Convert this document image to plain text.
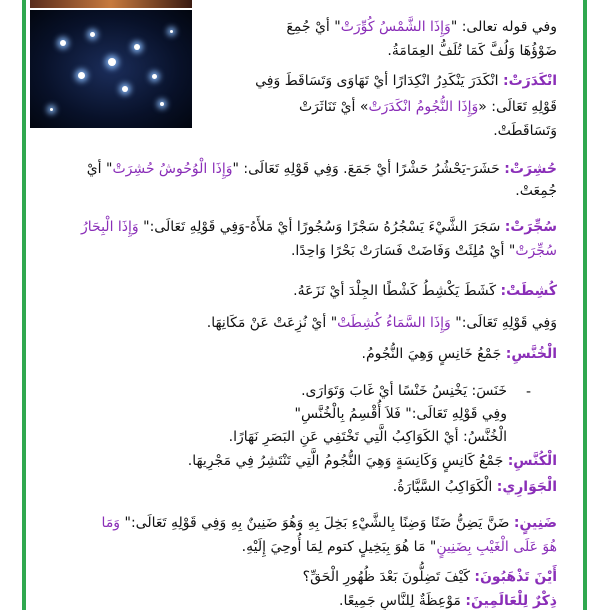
-
وفي قوله تعالى: "وَإِذَا الشَّمْسُ كُوِّرَتْ" أيْ جُمِعَ
ضَوْؤُهَا وَلُفَّ كَمَا تُلَفُّ العِمَامَةُ.
انْكَدَرَتْ: انْكَدَرَ يَنْكَدِرُ انْكِدَارًا أيْ تَهَاوَى وَتَسَاقَطَ وَفِي
قَوْلِهِ تَعَالَى: «وَإِذَا النُّجُومُ انْكَدَرَتْ» أيْ تَنَاثَرَتْ
وَتَسَاقَطَتْ.
حُشِرَتْ: حَشَرَ-يَحْشُرُ حَشْرًا أيْ جَمَعَ. وَفِي قَوْلِهِ تَعَالَى: "وَإِذَا الْوُحُوشُ حُشِرَتْ" أيْ
جُمِعَتْ.
سُجِّرَتْ: سَجَرَ الشَّيْءَ يَسْجُرُهُ سَجْرًا وَسُجُورًا أيْ مَلأَهُ-وَفِي قَوْلِهِ تَعَالَى:" وَإِذَا الْبِحَارُ
سُجِّرَتْ" أيْ مُلِئَتْ وَفَاضَتْ فَسَارَتْ بَحْرًا وَاحِدًا.
كُشِطَتْ: كَشَطَ يَكْشِطُ كَشْطًا الجِلْدَ أيْ نَزَعَهُ.
وَفِي قَوْلِهِ تَعَالَى:" وَإِذَا السَّمَاءُ كُشِطَتْ" أيْ نُزِعَتْ عَنْ مَكَانِهَا.
الْخُنَّسِ: جَمْعُ خَانِسٍ وَهِيَ النُّجُومُ.
خَنَسَ: يَخْنِسُ خَنْسًا أيْ غَابَ وَتَوَارَى.
وفِي قَوْلِهِ تَعَالَى:" فَلاَ أُقْسِمُ بِالْخُنَّسِ"
الْخُنَّسُ: أيْ الكَوَاكِبُ الَّتِي تَخْتَفِي عَنِ البَصَرِ نَهَارًا.
الْكُنَّسِ: جَمْعُ كَانِسٍ وَكَانِسَةٍ وَهِيَ النُّجُومُ الَّتِي تَنْتَشِرُ فِي مَجْرِيهَا.
الْجَوَارِي: الْكَوَاكِبُ السَّيَّارَةُ.
ضَنِينٍ: ضَنَّ يَضِنُّ ضَنًا وَضِنًا بِالشَّيْءِ بَخِلَ بِهِ وَهُوَ ضَنِينٌ بِهِ وَفِي قَوْلِهِ تَعَالَى:" وَمَا
هُوَ عَلَى الْغَيْبِ بِضَنِينٍ" مَا هُوَ بِبَخِيلٍ كتوم لِمَا أُوحِيَ إِلَيْهِ.
أَيْنَ تَذْهَبُونَ: كَيْفَ تَضِلُّونَ بَعْدَ ظُهُورِ الْحَقِّ؟
ذِكْرٌ لِلْعَالَمِينَ: مَوْعِظَةٌ لِلنَّاسِ جَمِيعًا.
